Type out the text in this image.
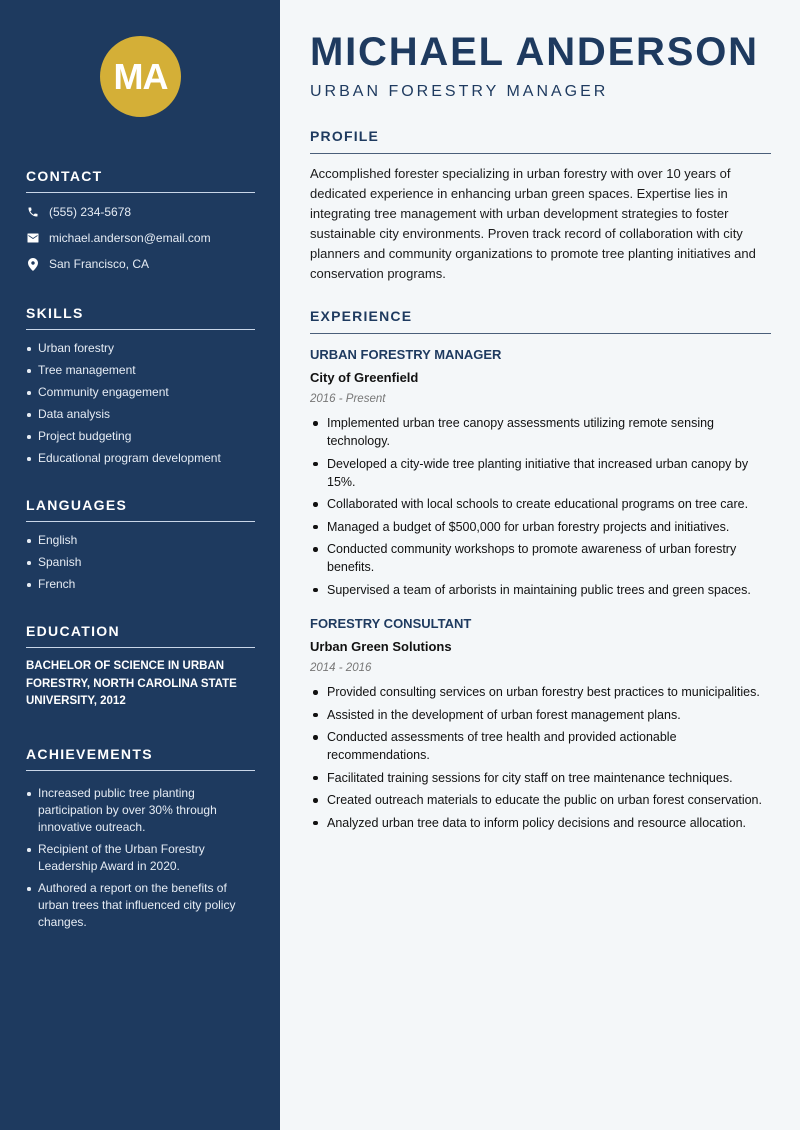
MA
CONTACT
(555) 234-5678
michael.anderson@email.com
San Francisco, CA
SKILLS
Urban forestry
Tree management
Community engagement
Data analysis
Project budgeting
Educational program development
LANGUAGES
English
Spanish
French
EDUCATION
BACHELOR OF SCIENCE IN URBAN FORESTRY, NORTH CAROLINA STATE UNIVERSITY, 2012
ACHIEVEMENTS
Increased public tree planting participation by over 30% through innovative outreach.
Recipient of the Urban Forestry Leadership Award in 2020.
Authored a report on the benefits of urban trees that influenced city policy changes.
MICHAEL ANDERSON
URBAN FORESTRY MANAGER
PROFILE

Accomplished forester specializing in urban forestry with over 10 years of dedicated experience in enhancing urban green spaces. Expertise lies in integrating tree management with urban development strategies to foster sustainable city environments. Proven track record of collaboration with city planners and community organizations to promote tree planting initiatives and conservation programs.

EXPERIENCE
URBAN FORESTRY MANAGER
City of Greenfield
2016 - Present
Implemented urban tree canopy assessments utilizing remote sensing technology.
Developed a city-wide tree planting initiative that increased urban canopy by 15%.
Collaborated with local schools to create educational programs on tree care.
Managed a budget of $500,000 for urban forestry projects and initiatives.
Conducted community workshops to promote awareness of urban forestry benefits.
Supervised a team of arborists in maintaining public trees and green spaces.
FORESTRY CONSULTANT
Urban Green Solutions
2014 - 2016
Provided consulting services on urban forestry best practices to municipalities.
Assisted in the development of urban forest management plans.
Conducted assessments of tree health and provided actionable recommendations.
Facilitated training sessions for city staff on tree maintenance techniques.
Created outreach materials to educate the public on urban forest conservation.
Analyzed urban tree data to inform policy decisions and resource allocation.
